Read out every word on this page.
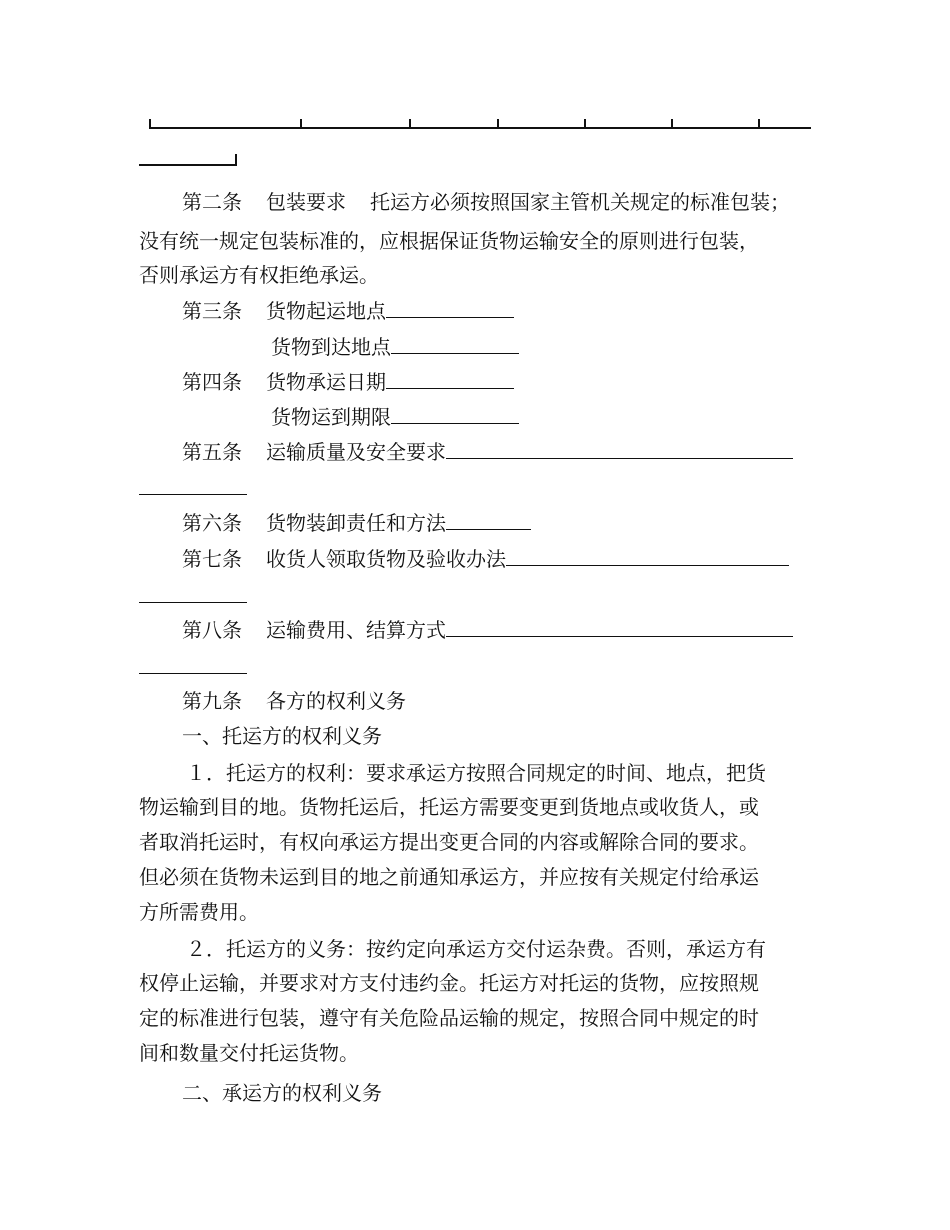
第二条 包装要求 托运方必须按照国家主管机关规定的标准包装；
没有统一规定包装标准的，应根据保证货物运输安全的原则进行包装，
否则承运方有权拒绝承运。
第三条 货物起运地点
货物到达地点
第四条 货物承运日期
货物运到期限
第五条 运输质量及安全要求
第六条 货物装卸责任和方法
第七条 收货人领取货物及验收办法
第八条 运输费用、结算方式
第九条 各方的权利义务
一、托运方的权利义务
１．托运方的权利：要求承运方按照合同规定的时间、地点，把货
物运输到目的地。货物托运后，托运方需要变更到货地点或收货人，或
者取消托运时，有权向承运方提出变更合同的内容或解除合同的要求。
但必须在货物未运到目的地之前通知承运方，并应按有关规定付给承运
方所需费用。
２．托运方的义务：按约定向承运方交付运杂费。否则，承运方有
权停止运输，并要求对方支付违约金。托运方对托运的货物，应按照规
定的标准进行包装，遵守有关危险品运输的规定，按照合同中规定的时
间和数量交付托运货物。
二、承运方的权利义务
